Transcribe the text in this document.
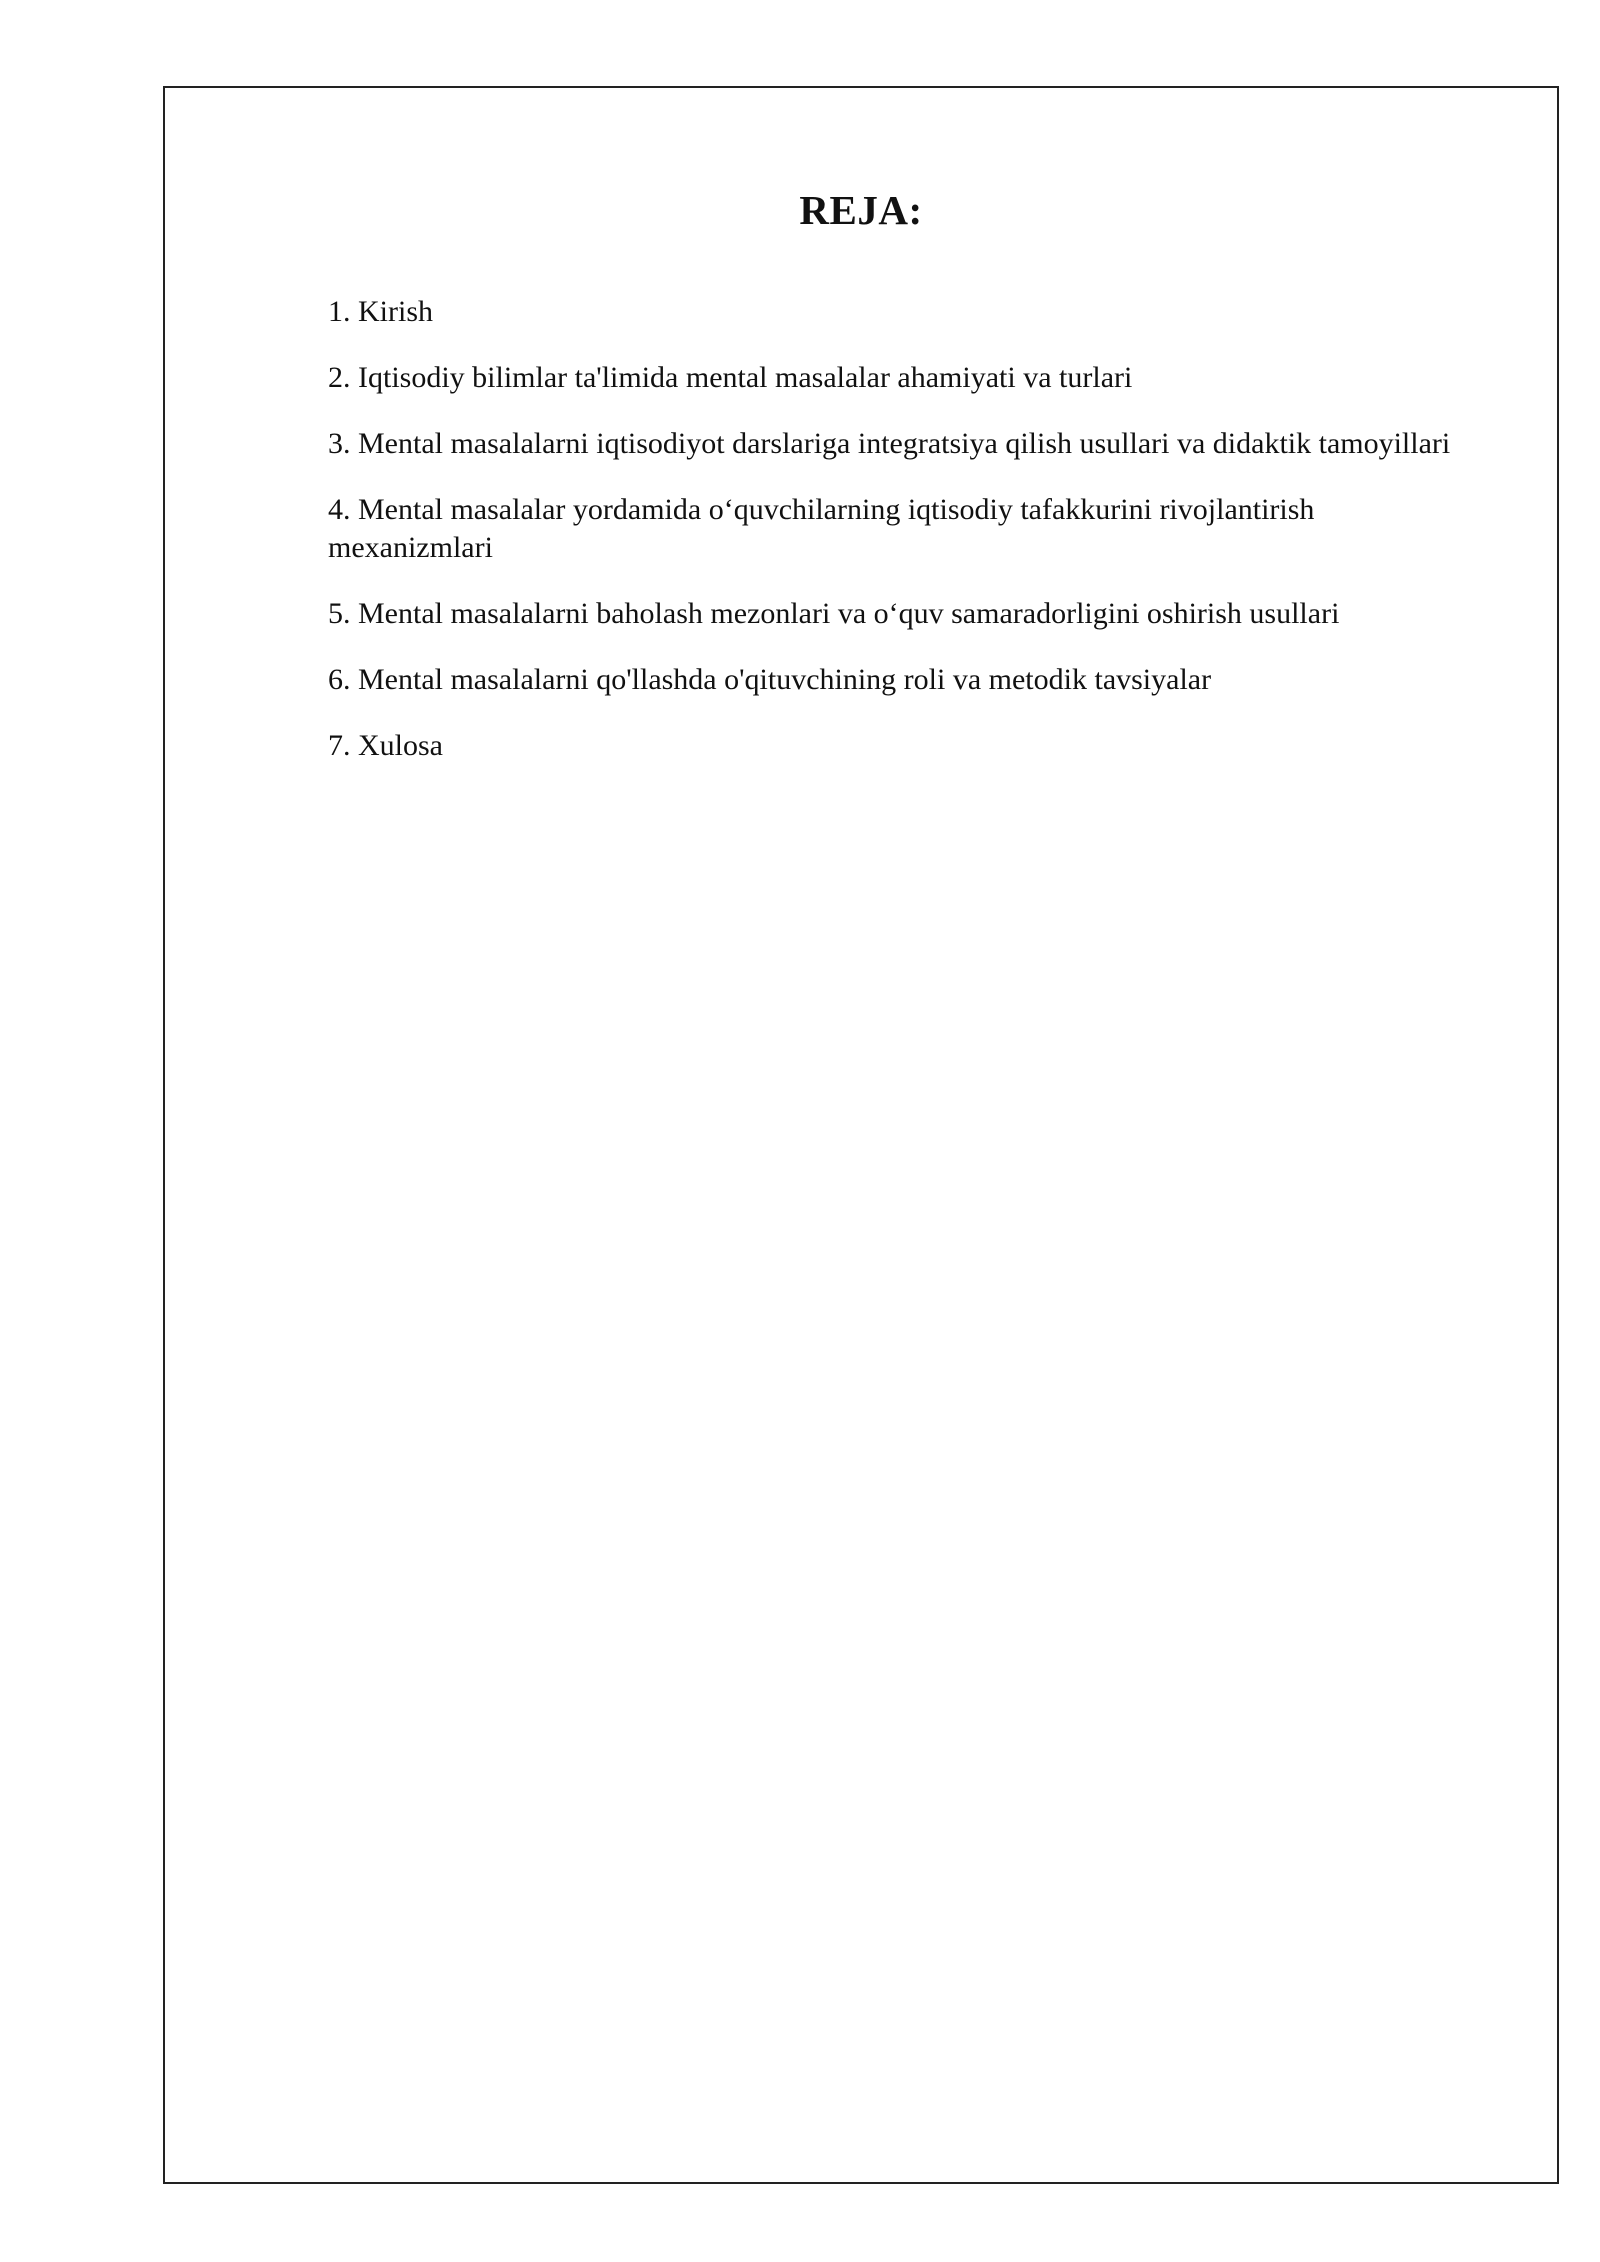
REJA:
1. Kirish
2. Iqtisodiy bilimlar ta'limida mental masalalar ahamiyati va turlari
3. Mental masalalarni iqtisodiyot darslariga integratsiya qilish usullari va didaktik tamoyillari
4. Mental masalalar yordamida o‘quvchilarning iqtisodiy tafakkurini rivojlantirish mexanizmlari
5. Mental masalalarni baholash mezonlari va o‘quv samaradorligini oshirish usullari
6. Mental masalalarni qo'llashda o'qituvchining roli va metodik tavsiyalar
7. Xulosa
